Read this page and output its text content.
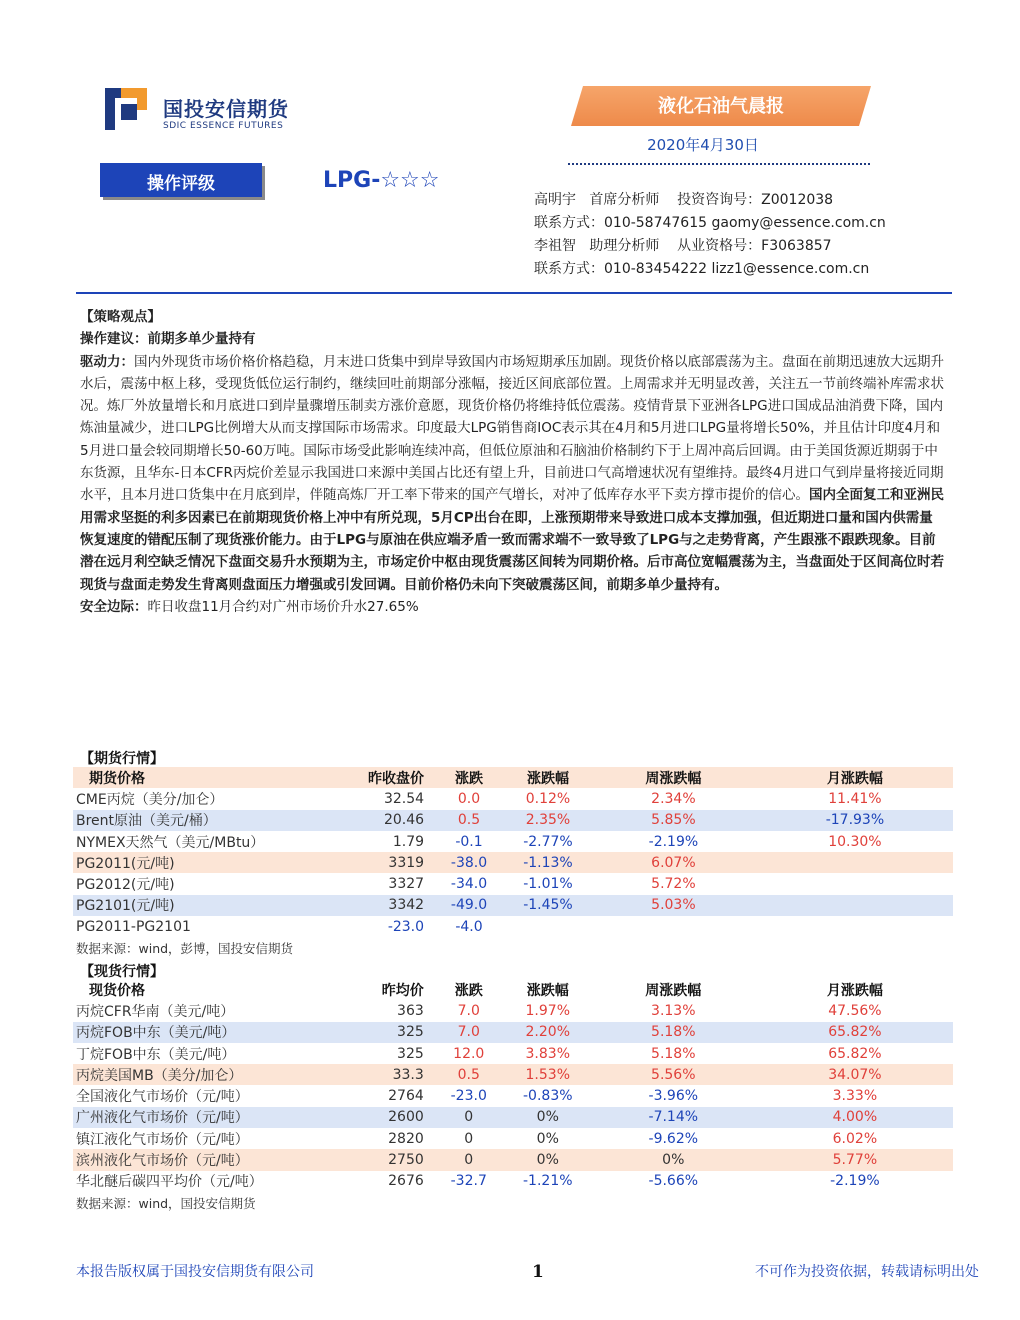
国投安信期货
SDIC ESSENCE FUTURES
液化石油气晨报
2020年4月30日
操作评级	LPG-☆☆☆
高明宇   首席分析师    投资咨询号：Z0012038
联系方式：010-58747615 gaomy@essence.com.cn
李祖智   助理分析师    从业资格号：F3063857
联系方式：010-83454222 lizz1@essence.com.cn

【策略观点】

操作建议：前期多单少量持有

驱动力：国内外现货市场价格价格趋稳，月末进口货集中到岸导致国内市场短期承压加剧。现货价格以底部震荡为主。盘面在前期迅速放大远期升水后，震荡中枢上移，受现货低位运行制约，继续回吐前期部分涨幅，接近区间底部位置。上周需求并无明显改善，关注五一节前终端补库需求状况。炼厂外放量增长和月底进口到岸量骤增压制卖方涨价意愿，现货价格仍将维持低位震荡。疫情背景下亚洲各LPG进口国成品油消费下降，国内炼油量减少，进口LPG比例增大从而支撑国际市场需求。印度最大LPG销售商IOC表示其在4月和5月进口LPG量将增长50%，并且估计印度4月和5月进口量会较同期增长50-60万吨。国际市场受此影响连续冲高，但低位原油和石脑油价格制约下于上周冲高后回调。由于美国货源近期弱于中东货源，且华东-日本CFR丙烷价差显示我国进口来源中美国占比还有望上升，目前进口气高增速状况有望维持。最终4月进口气到岸量将接近同期水平，且本月进口货集中在月底到岸，伴随高炼厂开工率下带来的国产气增长，对冲了低库存水平下卖方撑市提价的信心。国内全面复工和亚洲民用需求坚挺的利多因素已在前期现货价格上冲中有所兑现，5月CP出台在即，上涨预期带来导致进口成本支撑加强，但近期进口量和国内供需量恢复速度的错配压制了现货涨价能力。由于LPG与原油在供应端矛盾一致而需求端不一致导致了LPG与之走势背离，产生跟涨不跟跌现象。目前潜在远月利空缺乏情况下盘面交易升水预期为主，市场定价中枢由现货震荡区间转为同期价格。后市高位宽幅震荡为主，当盘面处于区间高位时若现货与盘面走势发生背离则盘面压力增强或引发回调。目前价格仍未向下突破震荡区间，前期多单少量持有。

安全边际：昨日收盘11月合约对广州市场价升水27.65%

【期货行情】
期货价格	昨收盘价	涨跌	涨跌幅	周涨跌幅	月涨跌幅
CME丙烷（美分/加仑）	32.54	0.0	0.12%	2.34%	11.41%
Brent原油（美元/桶）	20.46	0.5	2.35%	5.85%	-17.93%
NYMEX天然气（美元/MBtu）	1.79	-0.1	-2.77%	-2.19%	10.30%
PG2011(元/吨)	3319	-38.0	-1.13%	6.07%	
PG2012(元/吨)	3327	-34.0	-1.01%	5.72%	
PG2101(元/吨)	3342	-49.0	-1.45%	5.03%	
PG2011-PG2101	-23.0	-4.0			
数据来源：wind，彭博，国投安信期货
【现货行情】
现货价格	昨均价	涨跌	涨跌幅	周涨跌幅	月涨跌幅
丙烷CFR华南（美元/吨）	363	7.0	1.97%	3.13%	47.56%
丙烷FOB中东（美元/吨）	325	7.0	2.20%	5.18%	65.82%
丁烷FOB中东（美元/吨）	325	12.0	3.83%	5.18%	65.82%
丙烷美国MB（美分/加仑）	33.3	0.5	1.53%	5.56%	34.07%
全国液化气市场价（元/吨）	2764	-23.0	-0.83%	-3.96%	3.33%
广州液化气市场价（元/吨）	2600	0	0%	-7.14%	4.00%
镇江液化气市场价（元/吨）	2820	0	0%	-9.62%	6.02%
滨州液化气市场价（元/吨）	2750	0	0%	0%	5.77%
华北醚后碳四平均价（元/吨）	2676	-32.7	-1.21%	-5.66%	-2.19%
数据来源：wind，国投安信期货
本报告版权属于国投安信期货有限公司	1	不可作为投资依据，转载请标明出处
